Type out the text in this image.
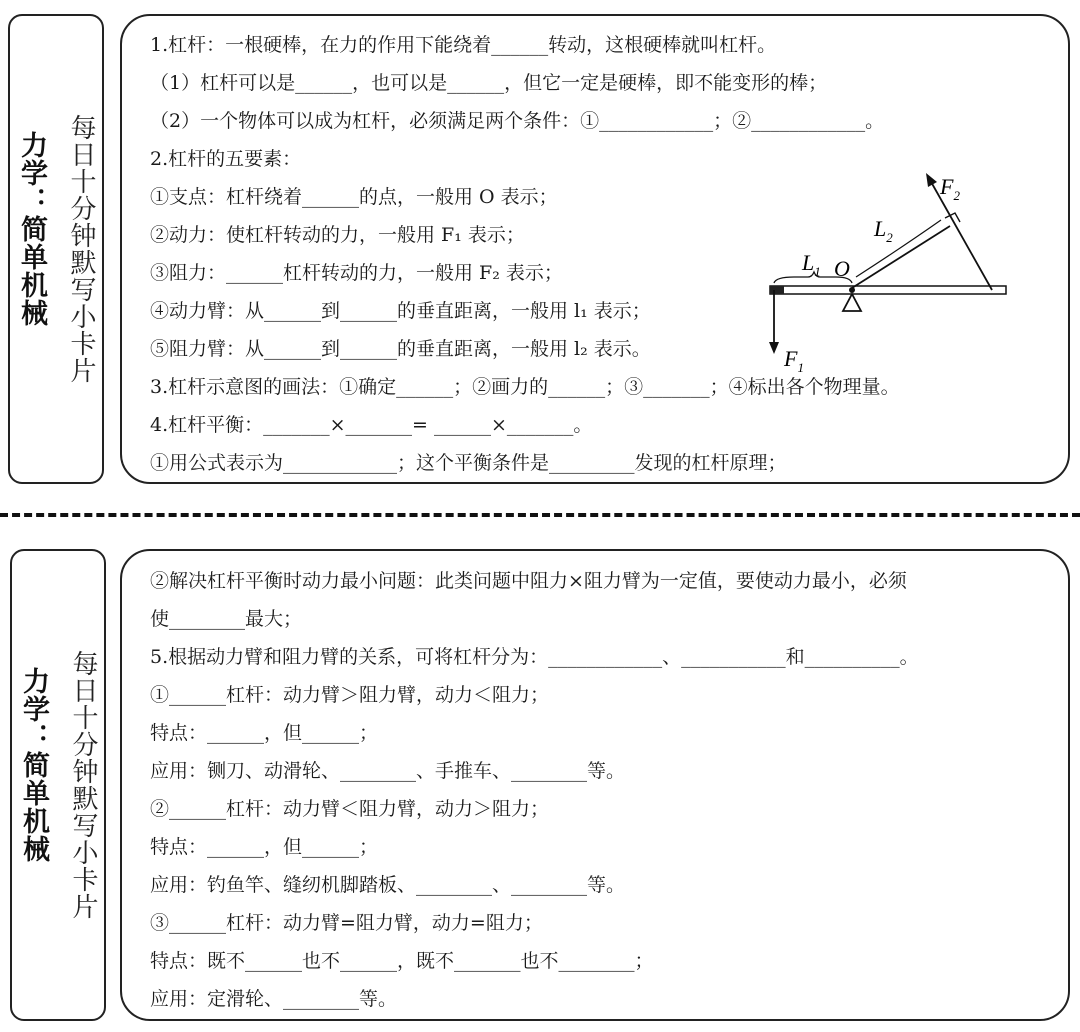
每日十分钟默写小卡片
力学：简单机械
1.杠杆：一根硬棒，在力的作用下能绕着______转动，这根硬棒就叫杠杆。
（1）杠杆可以是______，也可以是______，但它一定是硬棒，即不能变形的棒；
（2）一个物体可以成为杠杆，必须满足两个条件：①____________；②____________。
2.杠杆的五要素：
①支点：杠杆绕着______的点，一般用 O 表示；
②动力：使杠杆转动的力，一般用 F₁ 表示；
③阻力：______杠杆转动的力，一般用 F₂ 表示；
④动力臂：从______到______的垂直距离，一般用 l₁ 表示；
⑤阻力臂：从______到______的垂直距离，一般用 l₂ 表示。
3.杠杆示意图的画法：①确定______；②画力的______；③_______；④标出各个物理量。
4.杠杆平衡：_______×_______= ______×_______。
①用公式表示为____________；这个平衡条件是_________发现的杠杆原理；
$F_2$
$L_2$
$L_1$ O
$F_1$
每日十分钟默写小卡片
力学：简单机械
②解决杠杆平衡时动力最小问题：此类问题中阻力×阻力臂为一定值，要使动力最小，必须
使________最大；
5.根据动力臂和阻力臂的关系，可将杠杆分为：____________、___________和__________。
①______杠杆：动力臂＞阻力臂，动力＜阻力；
特点：______，但______；
应用：铡刀、动滑轮、________、手推车、________等。
②______杠杆：动力臂＜阻力臂，动力＞阻力；
特点：______，但______；
应用：钓鱼竿、缝纫机脚踏板、________、________等。
③______杠杆：动力臂=阻力臂，动力=阻力；
特点：既不______也不______，既不_______也不________；
应用：定滑轮、________等。
